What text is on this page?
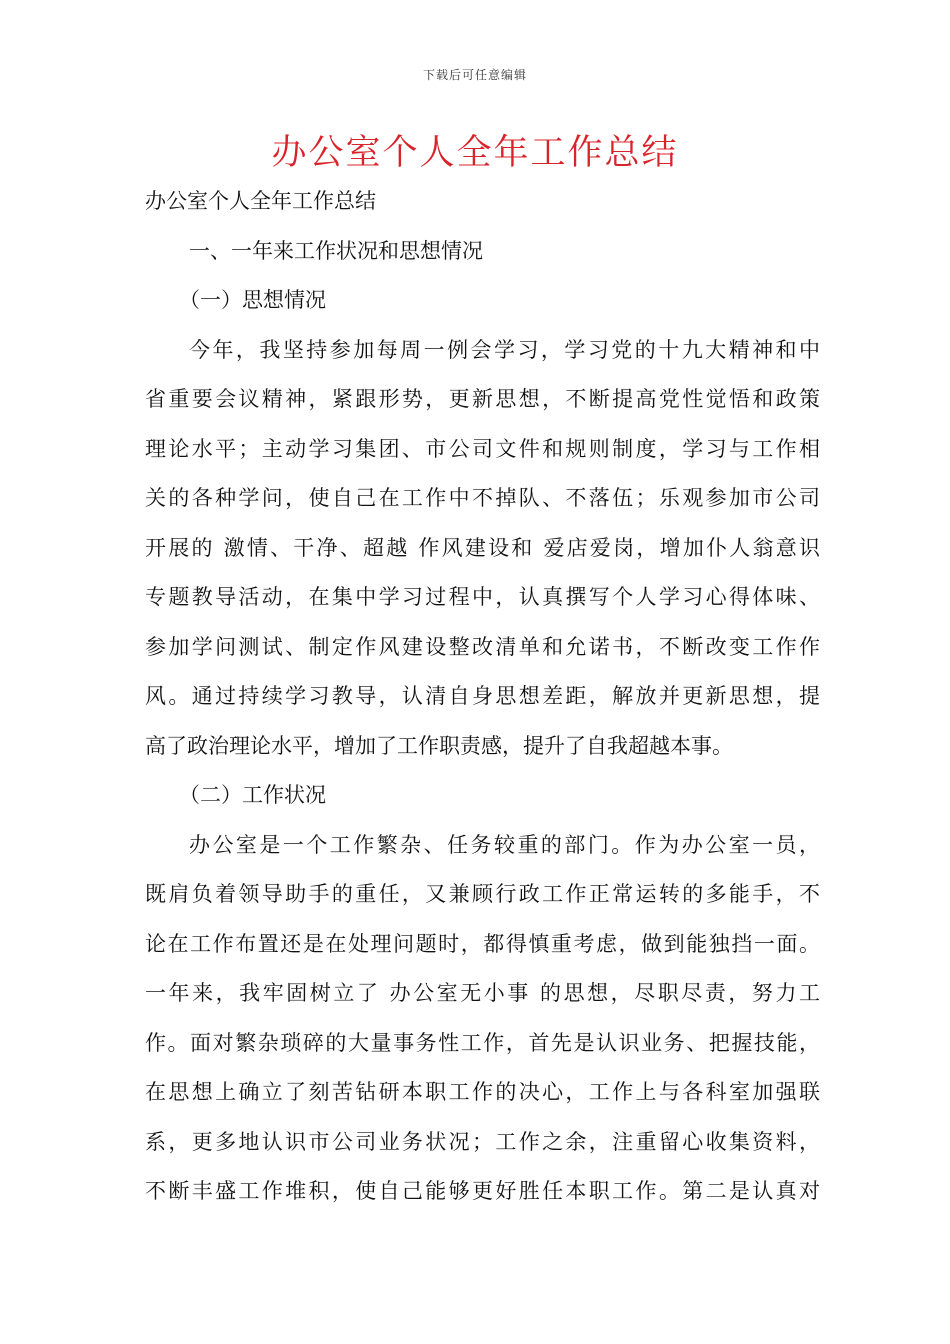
下载后可任意编辑
办公室个人全年工作总结
办公室个人全年工作总结
一、一年来工作状况和思想情况
（一）思想情况
今年，我坚持参加每周一例会学习，学习党的十九大精神和中
省重要会议精神，紧跟形势，更新思想，不断提高党性觉悟和政策
理论水平；主动学习集团、市公司文件和规则制度，学习与工作相
关的各种学问，使自己在工作中不掉队、不落伍；乐观参加市公司
开展的 激情、干净、超越 作风建设和 爱店爱岗，增加仆人翁意识
专题教导活动，在集中学习过程中，认真撰写个人学习心得体味、
参加学问测试、制定作风建设整改清单和允诺书，不断改变工作作
风。通过持续学习教导，认清自身思想差距，解放并更新思想，提
高了政治理论水平，增加了工作职责感，提升了自我超越本事。
（二）工作状况
办公室是一个工作繁杂、任务较重的部门。作为办公室一员，
既肩负着领导助手的重任，又兼顾行政工作正常运转的多能手，不
论在工作布置还是在处理问题时，都得慎重考虑，做到能独挡一面。
一年来，我牢固树立了 办公室无小事 的思想，尽职尽责，努力工
作。面对繁杂琐碎的大量事务性工作，首先是认识业务、把握技能，
在思想上确立了刻苦钻研本职工作的决心，工作上与各科室加强联
系，更多地认识市公司业务状况；工作之余，注重留心收集资料，
不断丰盛工作堆积，使自己能够更好胜任本职工作。第二是认真对
